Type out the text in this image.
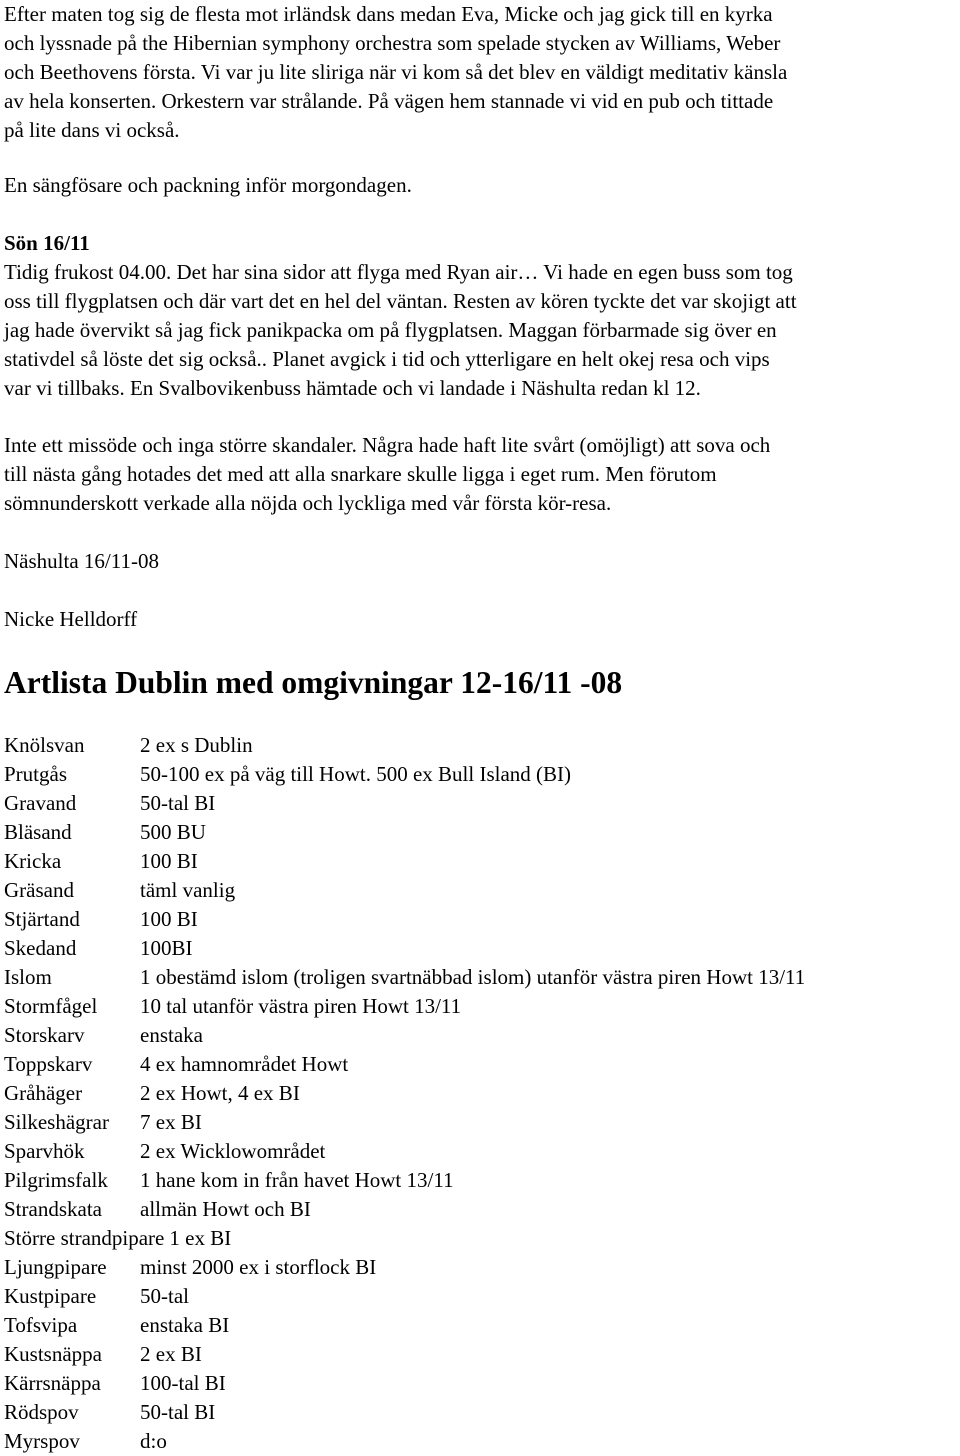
Efter maten tog sig de flesta mot irländsk dans medan Eva, Micke och jag gick till en kyrka
och lyssnade på the Hibernian symphony orchestra som spelade stycken av Williams, Weber
och Beethovens första. Vi var ju lite sliriga när vi kom så det blev en väldigt meditativ känsla
av hela konserten. Orkestern var strålande. På vägen hem stannade vi vid en pub och tittade
på lite dans vi också.
En sängfösare och packning inför morgondagen.
Sön 16/11
Tidig frukost 04.00. Det har sina sidor att flyga med Ryan air… Vi hade en egen buss som tog
oss till flygplatsen och där vart det en hel del väntan. Resten av kören tyckte det var skojigt att
jag hade övervikt så jag fick panikpacka om på flygplatsen. Maggan förbarmade sig över en
stativdel så löste det sig också.. Planet avgick i tid och ytterligare en helt okej resa och vips
var vi tillbaks. En Svalbovikenbuss hämtade och vi landade i Näshulta redan kl 12.
Inte ett missöde och inga större skandaler. Några hade haft lite svårt (omöjligt) att sova och
till nästa gång hotades det med att alla snarkare skulle ligga i eget rum. Men förutom
sömnunderskott verkade alla nöjda och lyckliga med vår första kör-resa.
Näshulta 16/11-08
Nicke Helldorff
Artlista Dublin med omgivningar 12-16/11 -08
Knölsvan	2 ex s Dublin
Prutgås	50-100 ex på väg till Howt. 500 ex Bull Island (BI)
Gravand	50-tal BI
Bläsand	500 BU
Kricka	100 BI
Gräsand	täml vanlig
Stjärtand	100 BI
Skedand	100BI
Islom	1 obestämd islom (troligen svartnäbbad islom) utanför västra piren Howt 13/11
Stormfågel 10 tal utanför västra piren Howt 13/11
Storskarv	enstaka
Toppskarv 4 ex hamnområdet Howt
Gråhäger	2 ex Howt, 4 ex BI
Silkeshägrar 7 ex BI
Sparvhök	2 ex Wicklowområdet
Pilgrimsfalk 1 hane kom in från havet Howt 13/11
Strandskata allmän Howt och BI
Större strandpipare 1 ex BI
Ljungpipare minst 2000 ex i storflock BI
Kustpipare 50-tal
Tofsvipa	enstaka BI
Kustsnäppa 2 ex BI
Kärrsnäppa 100-tal BI
Rödspov	50-tal BI
Myrspov	d:o
